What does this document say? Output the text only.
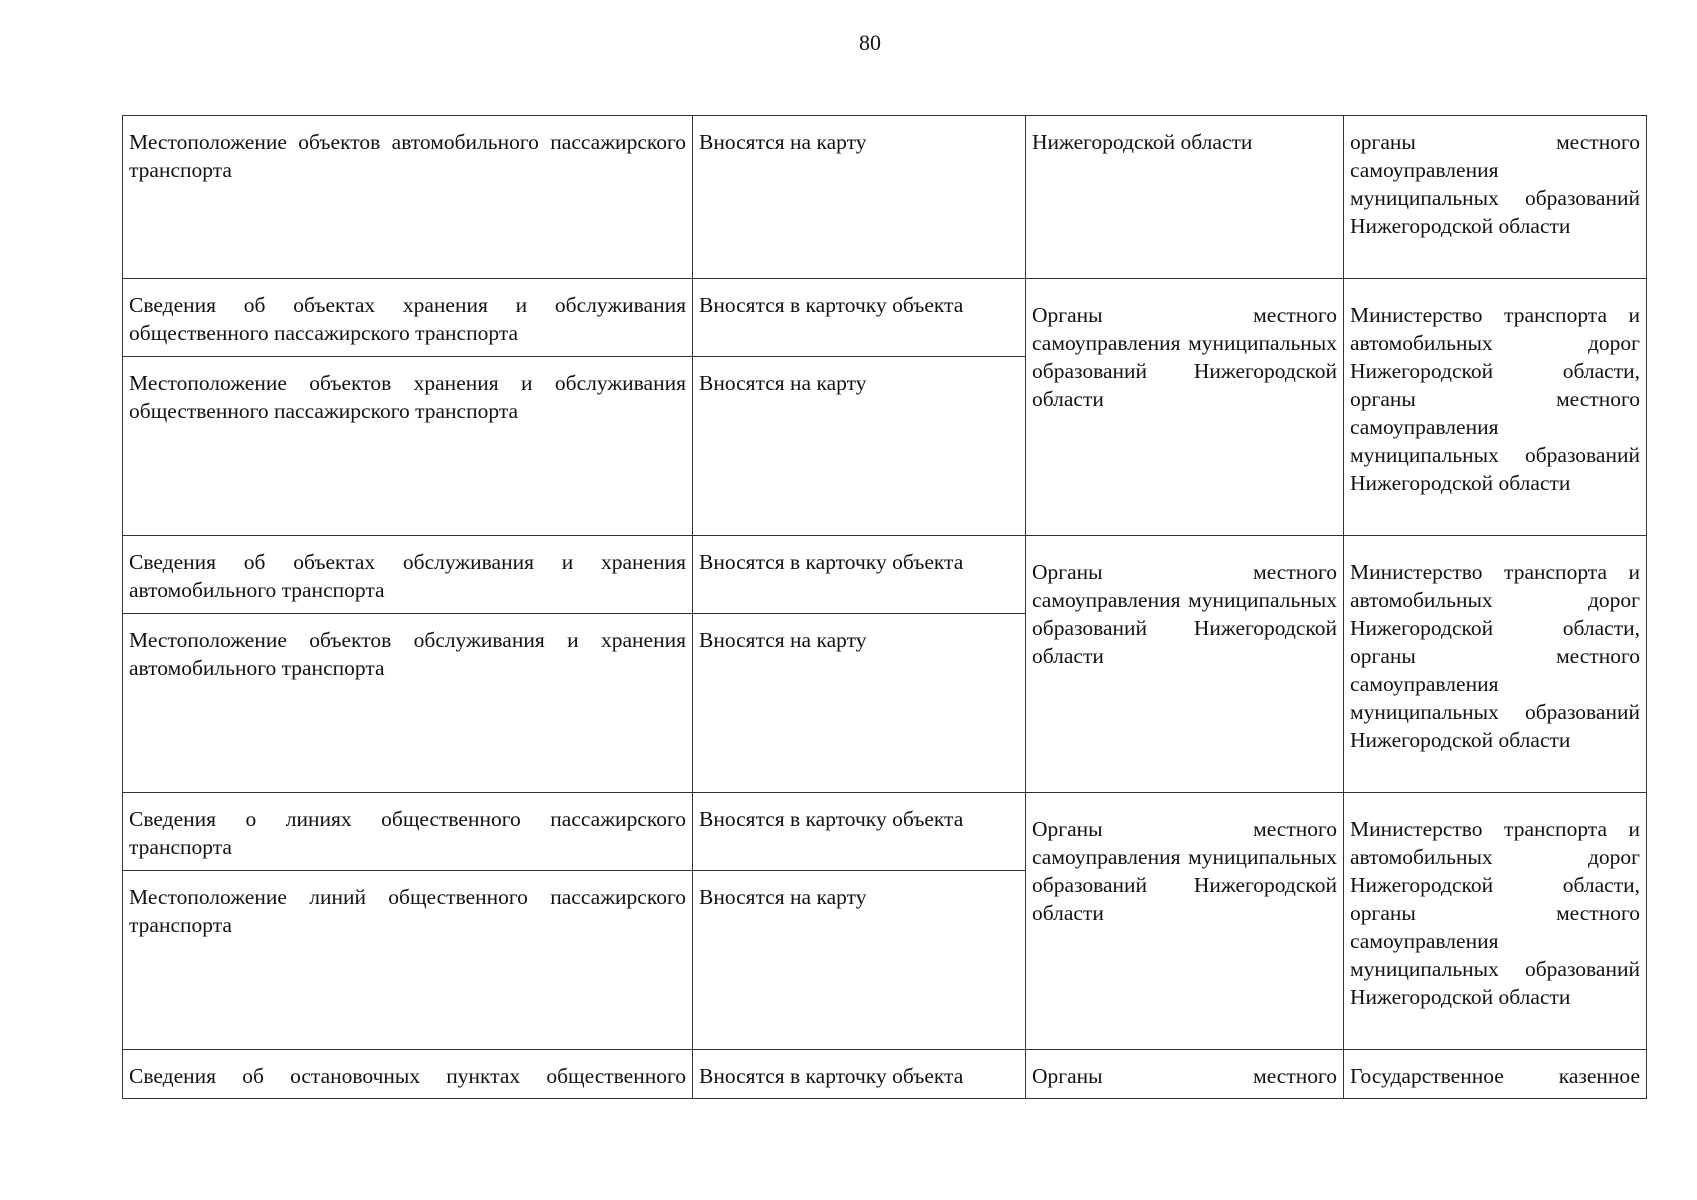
80
Местоположение объектов автомобильного пассажирского транспорта	Вносятся на карту	Нижегородской области	органы местного самоуправления муниципальных образований Нижегородской области
Сведения об объектах хранения и обслуживания общественного пассажирского транспорта	Вносятся в карточку объекта	Органы местного самоуправления муниципальных образований Нижегородской области	Министерство транспорта и автомобильных дорог Нижегородской области, органы местного самоуправления муниципальных образований Нижегородской области
Местоположение объектов хранения и обслуживания общественного пассажирского транспорта	Вносятся на карту		
Сведения об объектах обслуживания и хранения автомобильного транспорта	Вносятся в карточку объекта	Органы местного самоуправления муниципальных образований Нижегородской области	Министерство транспорта и автомобильных дорог Нижегородской области, органы местного самоуправления муниципальных образований Нижегородской области
Местоположение объектов обслуживания и хранения автомобильного транспорта	Вносятся на карту		
Сведения о линиях общественного пассажирского транспорта	Вносятся в карточку объекта	Органы местного самоуправления муниципальных образований Нижегородской области	Министерство транспорта и автомобильных дорог Нижегородской области, органы местного самоуправления муниципальных образований Нижегородской области
Местоположение линий общественного пассажирского транспорта	Вносятся на карту		
Сведения об остановочных пунктах общественного	Вносятся в карточку объекта	Органы местного	Государственное казенное
